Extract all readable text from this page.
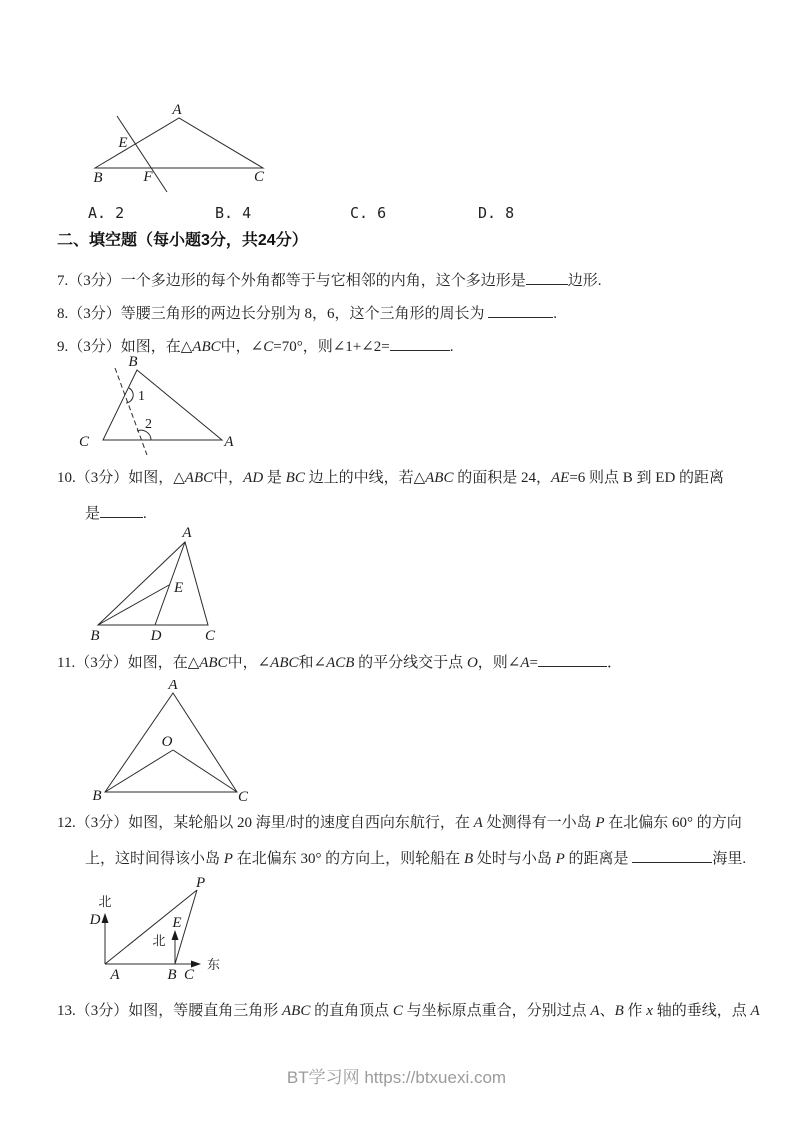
A
B	C
E
F
A. 2	B. 4	C. 6	D. 8
二、填空题（每小题3分，共24分）
7.（3分）一个多边形的每个外角都等于与它相邻的内角，这个多边形是	边形.
8.（3分）等腰三角形的两边长分别为 8，6，这个三角形的周长为	.
9.（3分）如图，在△ABC中，∠C=70°，则∠1+∠2=	.
B
C	A
1
2
10.（3分）如图，△ABC中，AD 是 BC 边上的中线，若△ABC 的面积是 24，AE=6 则点 B 到 ED 的距离
是	.
A
B	D	C
E
11.（3分）如图，在△ABC中，∠ABC和∠ACB 的平分线交于点 O，则∠A=	．
A
B	C
O
12.（3分）如图，某轮船以 20 海里/时的速度自西向东航行，在 A 处测得有一小岛 P 在北偏东 60° 的方向
上，这时间得该小岛 P 在北偏东 30° 的方向上，则轮船在 B 处时与小岛 P 的距离是	海里.
P
北
D	E
北
东
A	B C
13.（3分）如图，等腰直角三角形 ABC 的直角顶点 C 与坐标原点重合，分别过点 A、B 作 x 轴的垂线，点 A
BT学习网 https://btxuexi.com
